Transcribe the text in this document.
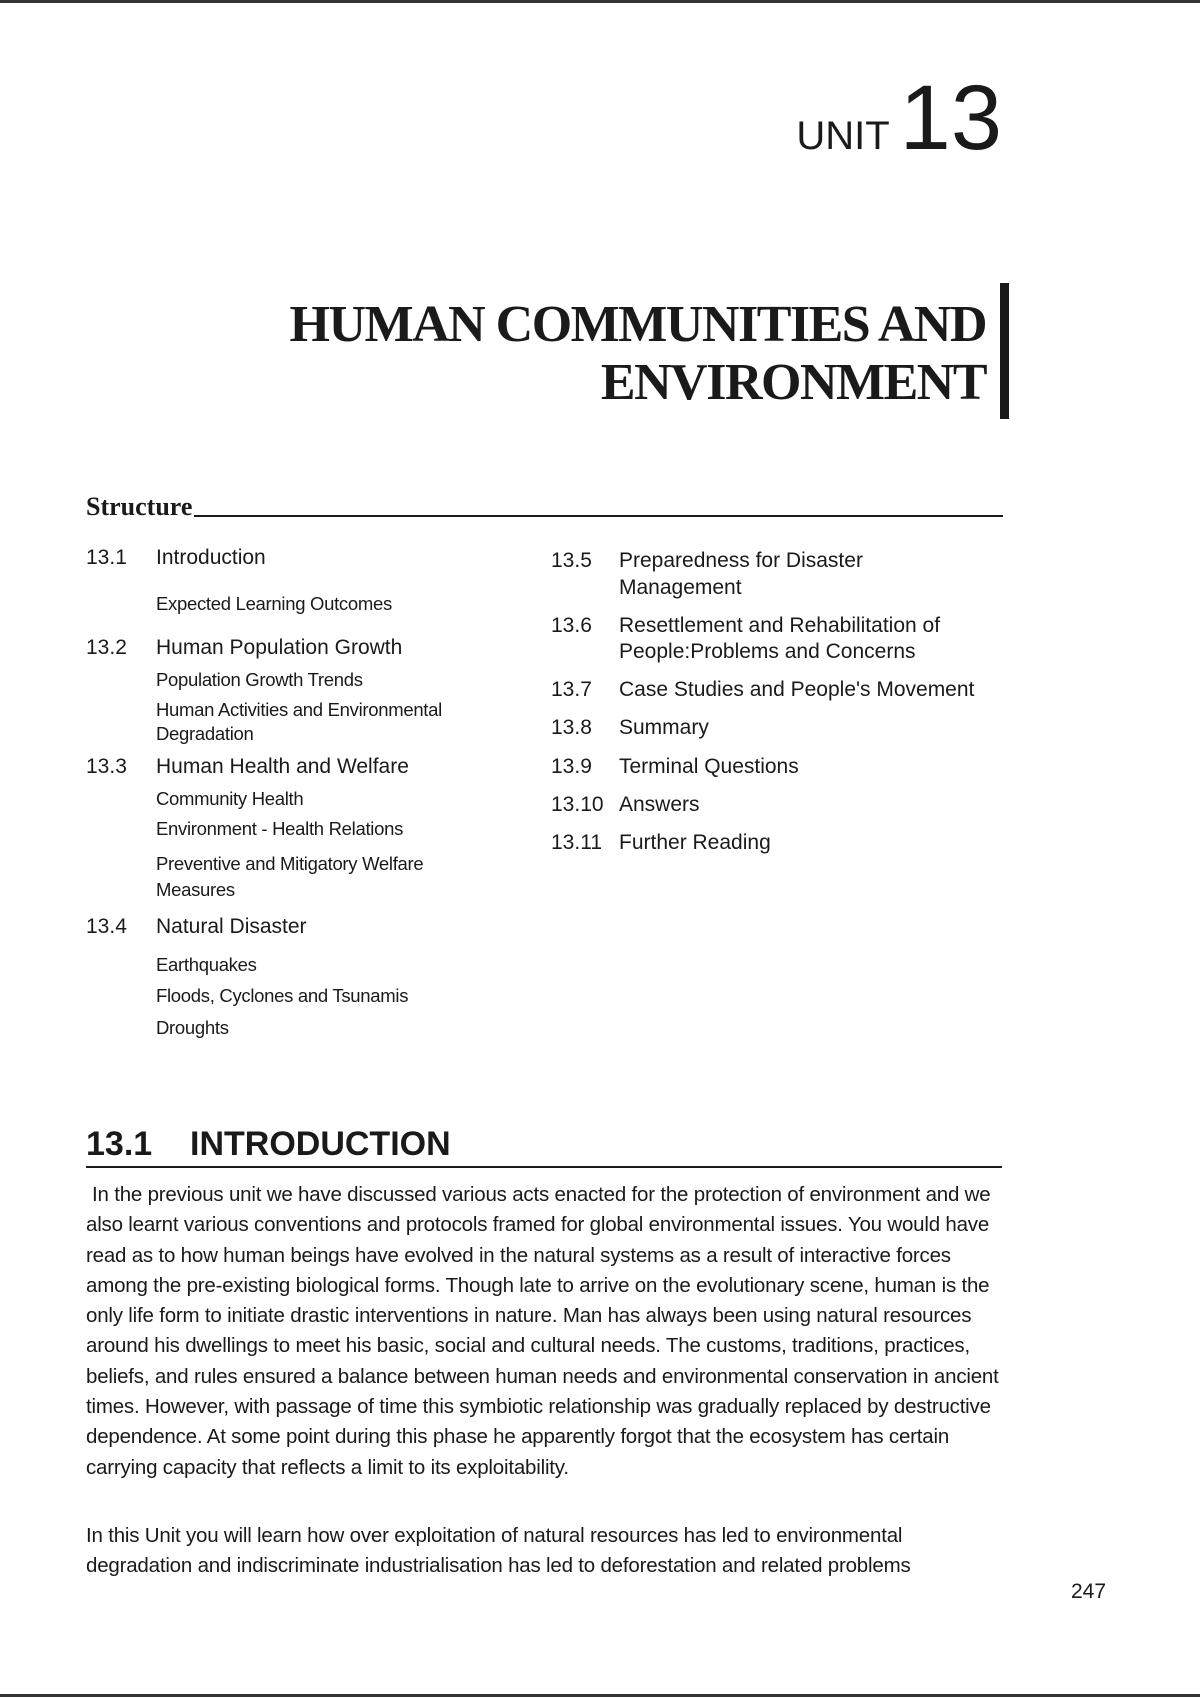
UNIT 13
HUMAN COMMUNITIES AND
ENVIRONMENT
Structure
13.1 Introduction
Expected Learning Outcomes
13.2 Human Population Growth
Population Growth Trends
Human Activities and Environmental
Degradation
13.3 Human Health and Welfare
Community Health
Environment - Health Relations
Preventive and Mitigatory Welfare
Measures
13.4 Natural Disaster
Earthquakes
Floods, Cyclones and Tsunamis
Droughts
13.5 Preparedness for Disaster
Management
13.6 Resettlement and Rehabilitation of
People:Problems and Concerns
13.7 Case Studies and People's Movement
13.8 Summary
13.9 Terminal Questions
13.10 Answers
13.11 Further Reading
13.1 INTRODUCTION
In the previous unit we have discussed various acts enacted for the protection of environment and we also learnt various conventions and protocols framed for global environmental issues. You would have read as to how human beings have evolved in the natural systems as a result of interactive forces among the pre-existing biological forms. Though late to arrive on the evolutionary scene, human is the only life form to initiate drastic interventions in nature. Man has always been using natural resources around his dwellings to meet his basic, social and cultural needs. The customs, traditions, practices, beliefs, and rules ensured a balance between human needs and environmental conservation in ancient times. However, with passage of time this symbiotic relationship was gradually replaced by destructive dependence. At some point during this phase he apparently forgot that the ecosystem has certain carrying capacity that reflects a limit to its exploitability.
In this Unit you will learn how over exploitation of natural resources has led to environmental degradation and indiscriminate industrialisation has led to deforestation and related problems
247
